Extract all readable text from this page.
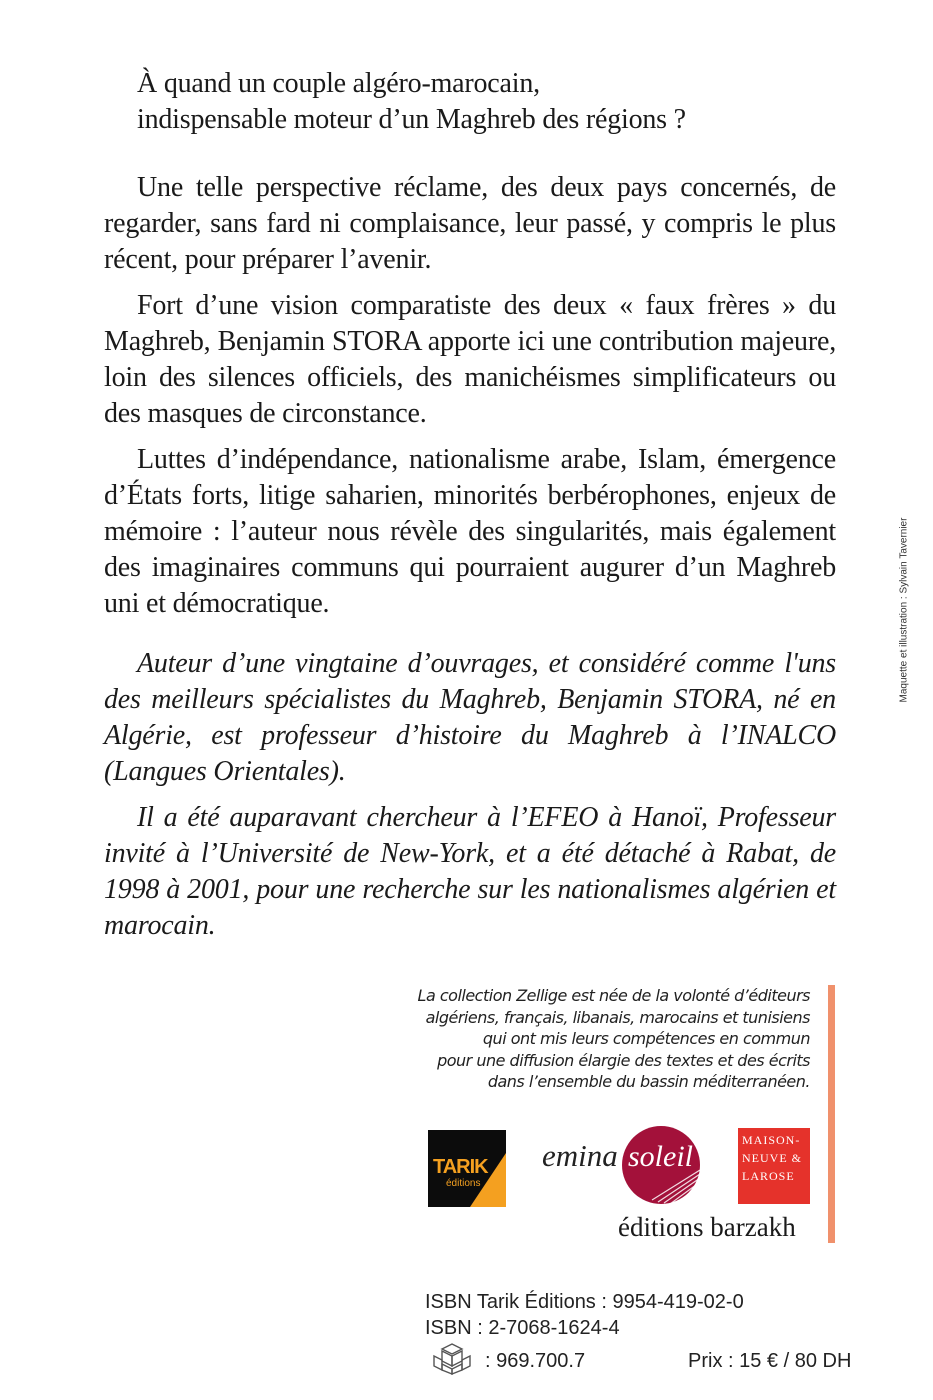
À quand un couple algéro-marocain,

indispensable moteur d’un Maghreb des régions ?

Une telle perspective réclame, des deux pays concernés, de regarder, sans fard ni complaisance, leur passé, y compris le plus récent, pour préparer l’avenir.

Fort d’une vision comparatiste des deux « faux frères » du Maghreb, Benjamin STORA apporte ici une contribution majeure, loin des silences officiels, des manichéismes simplificateurs ou des masques de circonstance.

Luttes d’indépendance, nationalisme arabe, Islam, émergence d’États forts, litige saharien, minorités berbérophones, enjeux de mémoire : l’auteur nous révèle des singularités, mais également des imaginaires communs qui pourraient augurer d’un Maghreb uni et démocratique.

Auteur d’une vingtaine d’ouvrages, et considéré comme l'uns des meilleurs spécialistes du Maghreb, Benjamin STORA, né en Algérie, est professeur d’histoire du Maghreb à l’INALCO (Langues Orientales).

Il a été auparavant chercheur à l’EFEO à Hanoï, Professeur invité à l’Université de New-York, et a été détaché à Rabat, de 1998 à 2001, pour une recherche sur les nationalismes algérien et marocain.

Maquette et illustration : Sylvain Tavernier

La collection Zellige est née de la volonté d’éditeurs

algériens, français, libanais, marocains et tunisiens

qui ont mis leurs compétences en commun

pour une diffusion élargie des textes et des écrits

dans l’ensemble du bassin méditerranéen.

TARIK
éditions
emina soleil	MAISON-
NEUVE &
LAROSE
éditions barzakh
ISBN Tarik Éditions : 9954-419-02-0
ISBN : 2-7068-1624-4
: 969.700.7	Prix : 15 € / 80 DH
